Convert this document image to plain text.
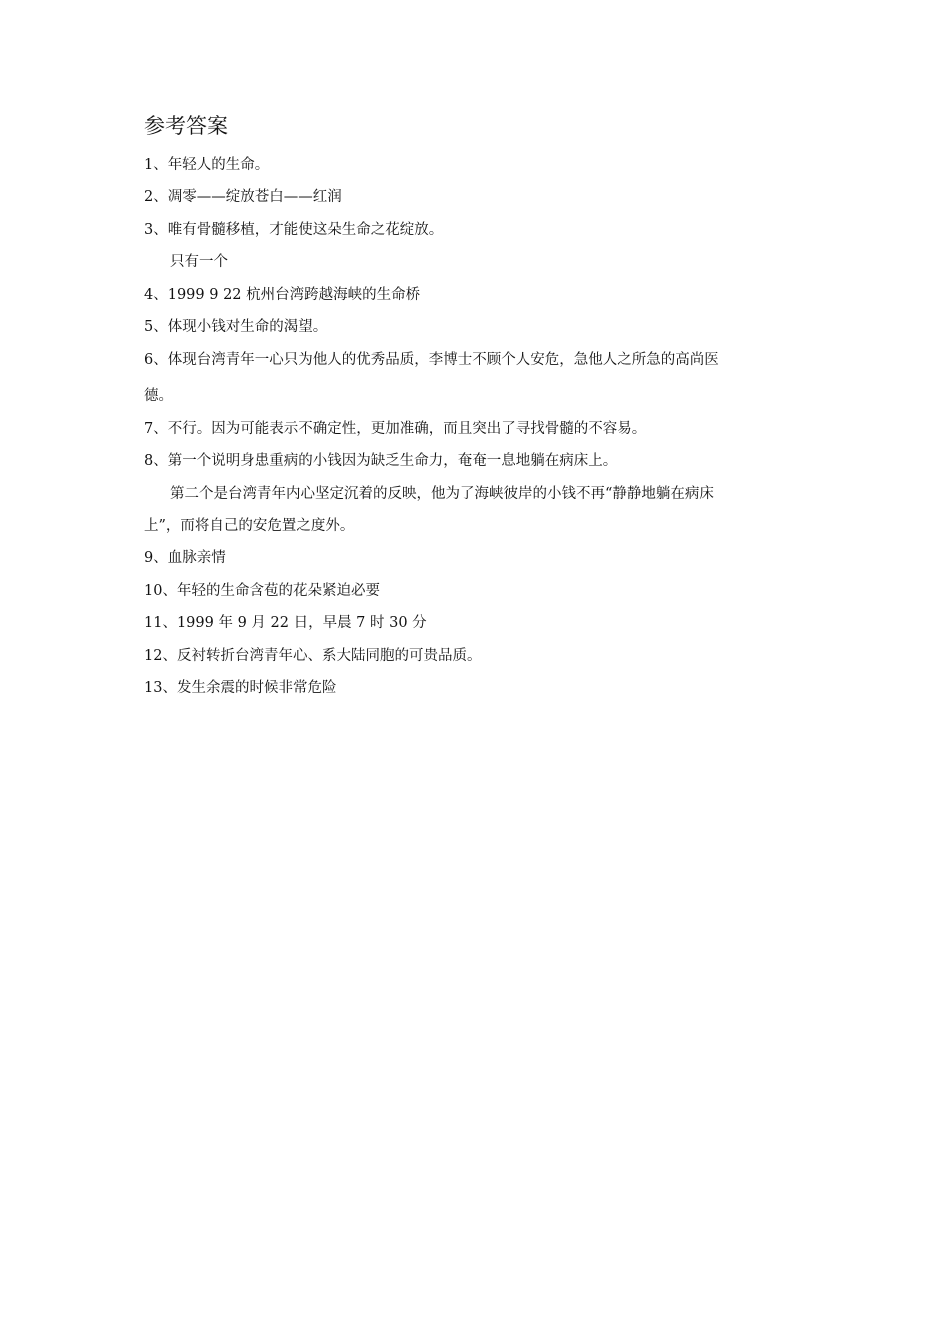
参考答案
1、年轻人的生命。
2、凋零——绽放苍白——红润
3、唯有骨髓移植，才能使这朵生命之花绽放。
只有一个
4、1999 9 22 杭州台湾跨越海峡的生命桥
5、体现小钱对生命的渴望。
6、体现台湾青年一心只为他人的优秀品质，李博士不顾个人安危，急他人之所急的高尚医
德。
7、不行。因为可能表示不确定性，更加准确，而且突出了寻找骨髓的不容易。
8、第一个说明身患重病的小钱因为缺乏生命力，奄奄一息地躺在病床上。
第二个是台湾青年内心坚定沉着的反映，他为了海峡彼岸的小钱不再“静静地躺在病床
上”，而将自己的安危置之度外。
9、血脉亲情
10、年轻的生命含苞的花朵紧迫必要
11、1999 年 9 月 22 日，早晨 7 时 30 分
12、反衬转折台湾青年心、系大陆同胞的可贵品质。
13、发生余震的时候非常危险
